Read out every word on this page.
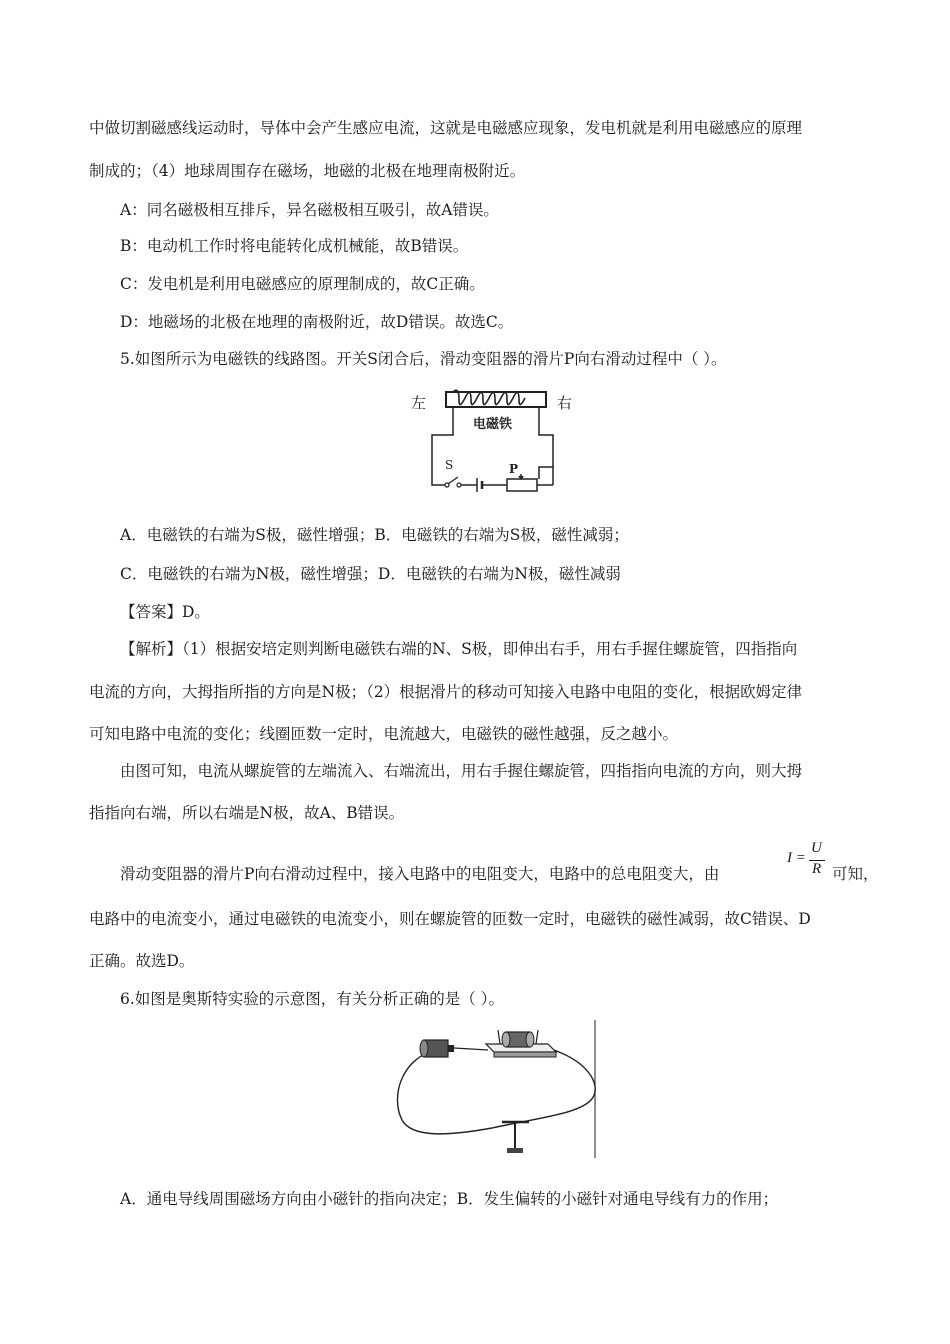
中做切割磁感线运动时，导体中会产生感应电流，这就是电磁感应现象，发电机就是利用电磁感应的原理
制成的；（4）地球周围存在磁场，地磁的北极在地理南极附近。
A：同名磁极相互排斥，异名磁极相互吸引，故A错误。
B：电动机工作时将电能转化成机械能，故B错误。
C：发电机是利用电磁感应的原理制成的，故C正确。
D：地磁场的北极在地理的南极附近，故D错误。故选C。
5.如图所示为电磁铁的线路图。开关S闭合后，滑动变阻器的滑片P向右滑动过程中（ ）。
左	右
电磁铁
S	P
A．电磁铁的右端为S极，磁性增强；B．电磁铁的右端为S极，磁性减弱；
C．电磁铁的右端为N极，磁性增强；D．电磁铁的右端为N极，磁性减弱
【答案】D。
【解析】（1）根据安培定则判断电磁铁右端的N、S极，即伸出右手，用右手握住螺旋管，四指指向
电流的方向，大拇指所指的方向是N极；（2）根据滑片的移动可知接入电路中电阻的变化，根据欧姆定律
可知电路中电流的变化；线圈匝数一定时，电流越大，电磁铁的磁性越强，反之越小。
由图可知，电流从螺旋管的左端流入、右端流出，用右手握住螺旋管，四指指向电流的方向，则大拇
指指向右端，所以右端是N极，故A、B错误。
滑动变阻器的滑片P向右滑动过程中，接入电路中的电阻变大，电路中的总电阻变大，由
I =
U
R 可知，
电路中的电流变小，通过电磁铁的电流变小，则在螺旋管的匝数一定时，电磁铁的磁性减弱，故C错误、D
正确。故选D。
6.如图是奥斯特实验的示意图，有关分析正确的是（ ）。
A．通电导线周围磁场方向由小磁针的指向决定；B．发生偏转的小磁针对通电导线有力的作用；
